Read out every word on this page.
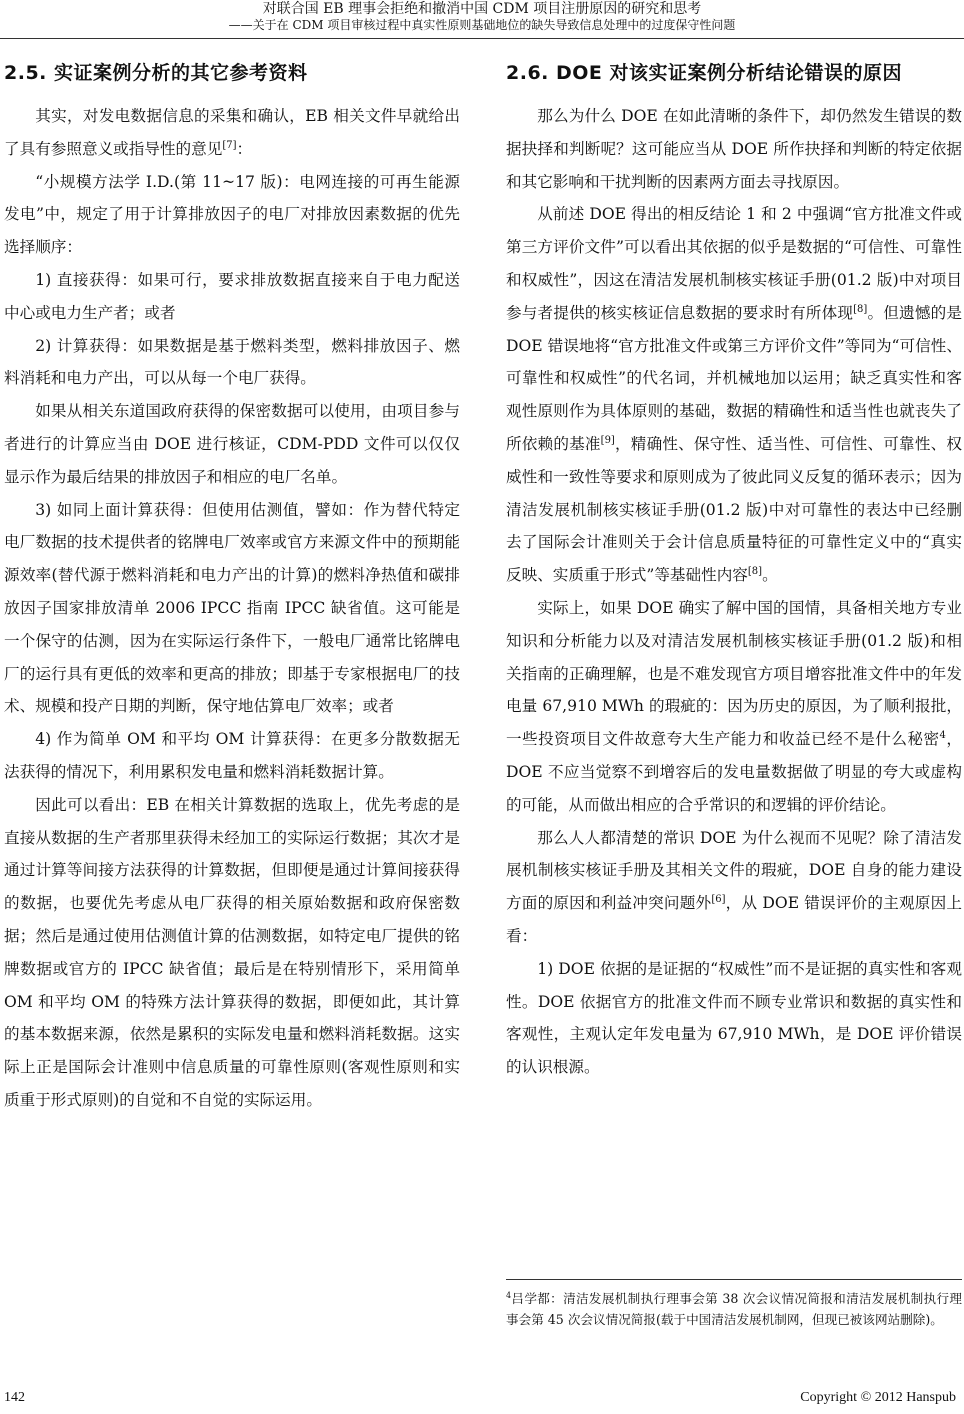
对联合国 EB 理事会拒绝和撤消中国 CDM 项目注册原因的研究和思考
——关于在 CDM 项目审核过程中真实性原则基础地位的缺失导致信息处理中的过度保守性问题
2.5. 实证案例分析的其它参考资料

其实，对发电数据信息的采集和确认，EB 相关文件早就给出了具有参照意义或指导性的意见[7]：

“小规模方法学 I.D.(第 11~17 版)：电网连接的可再生能源发电”中，规定了用于计算排放因子的电厂对排放因素数据的优先选择顺序：

1) 直接获得：如果可行，要求排放数据直接来自于电力配送中心或电力生产者；或者

2) 计算获得：如果数据是基于燃料类型，燃料排放因子、燃料消耗和电力产出，可以从每一个电厂获得。

如果从相关东道国政府获得的保密数据可以使用，由项目参与者进行的计算应当由 DOE 进行核证，CDM-PDD 文件可以仅仅显示作为最后结果的排放因子和相应的电厂名单。

3) 如同上面计算获得：但使用估测值，譬如：作为替代特定电厂数据的技术提供者的铭牌电厂效率或官方来源文件中的预期能源效率(替代源于燃料消耗和电力产出的计算)的燃料净热值和碳排放因子国家排放清单 2006 IPCC 指南 IPCC 缺省值。这可能是一个保守的估测，因为在实际运行条件下，一般电厂通常比铭牌电厂的运行具有更低的效率和更高的排放；即基于专家根据电厂的技术、规模和投产日期的判断，保守地估算电厂效率；或者

4) 作为简单 OM 和平均 OM 计算获得：在更多分散数据无法获得的情况下，利用累积发电量和燃料消耗数据计算。

因此可以看出：EB 在相关计算数据的选取上，优先考虑的是直接从数据的生产者那里获得未经加工的实际运行数据；其次才是通过计算等间接方法获得的计算数据，但即便是通过计算间接获得的数据，也要优先考虑从电厂获得的相关原始数据和政府保密数据；然后是通过使用估测值计算的估测数据，如特定电厂提供的铭牌数据或官方的 IPCC 缺省值；最后是在特别情形下，采用简单 OM 和平均 OM 的特殊方法计算获得的数据，即便如此，其计算的基本数据来源，依然是累积的实际发电量和燃料消耗数据。这实际上正是国际会计准则中信息质量的可靠性原则(客观性原则和实质重于形式原则)的自觉和不自觉的实际运用。

2.6. DOE 对该实证案例分析结论错误的原因

那么为什么 DOE 在如此清晰的条件下，却仍然发生错误的数据抉择和判断呢？这可能应当从 DOE 所作抉择和判断的特定依据和其它影响和干扰判断的因素两方面去寻找原因。

从前述 DOE 得出的相反结论 1 和 2 中强调“官方批准文件或第三方评价文件”可以看出其依据的似乎是数据的“可信性、可靠性和权威性”，因这在清洁发展机制核实核证手册(01.2 版)中对项目参与者提供的核实核证信息数据的要求时有所体现[8]。但遗憾的是 DOE 错误地将“官方批准文件或第三方评价文件”等同为“可信性、可靠性和权威性”的代名词，并机械地加以运用；缺乏真实性和客观性原则作为具体原则的基础，数据的精确性和适当性也就丧失了所依赖的基准[9]，精确性、保守性、适当性、可信性、可靠性、权威性和一致性等要求和原则成为了彼此同义反复的循环表示；因为清洁发展机制核实核证手册(01.2 版)中对可靠性的表达中已经删去了国际会计准则关于会计信息质量特征的可靠性定义中的“真实反映、实质重于形式”等基础性内容[8]。

实际上，如果 DOE 确实了解中国的国情，具备相关地方专业知识和分析能力以及对清洁发展机制核实核证手册(01.2 版)和相关指南的正确理解，也是不难发现官方项目增容批准文件中的年发电量 67,910 MWh 的瑕疵的：因为历史的原因，为了顺利报批，一些投资项目文件故意夸大生产能力和收益已经不是什么秘密$^4$，DOE 不应当觉察不到增容后的发电量数据做了明显的夸大或虚构的可能，从而做出相应的合乎常识的和逻辑的评价结论。

那么人人都清楚的常识 DOE 为什么视而不见呢？除了清洁发展机制核实核证手册及其相关文件的瑕疵，DOE 自身的能力建设方面的原因和利益冲突问题外[6]，从 DOE 错误评价的主观原因上看：

1) DOE 依据的是证据的“权威性”而不是证据的真实性和客观性。DOE 依据官方的批准文件而不顾专业常识和数据的真实性和客观性，主观认定年发电量为 67,910 MWh，是 DOE 评价错误的认识根源。

$^4$吕学都：清洁发展机制执行理事会第 38 次会议情况简报和清洁发展机制执行理事会第 45 次会议情况简报(载于中国清洁发展机制网，但现已被该网站删除)。
142	Copyright © 2012 Hanspub
